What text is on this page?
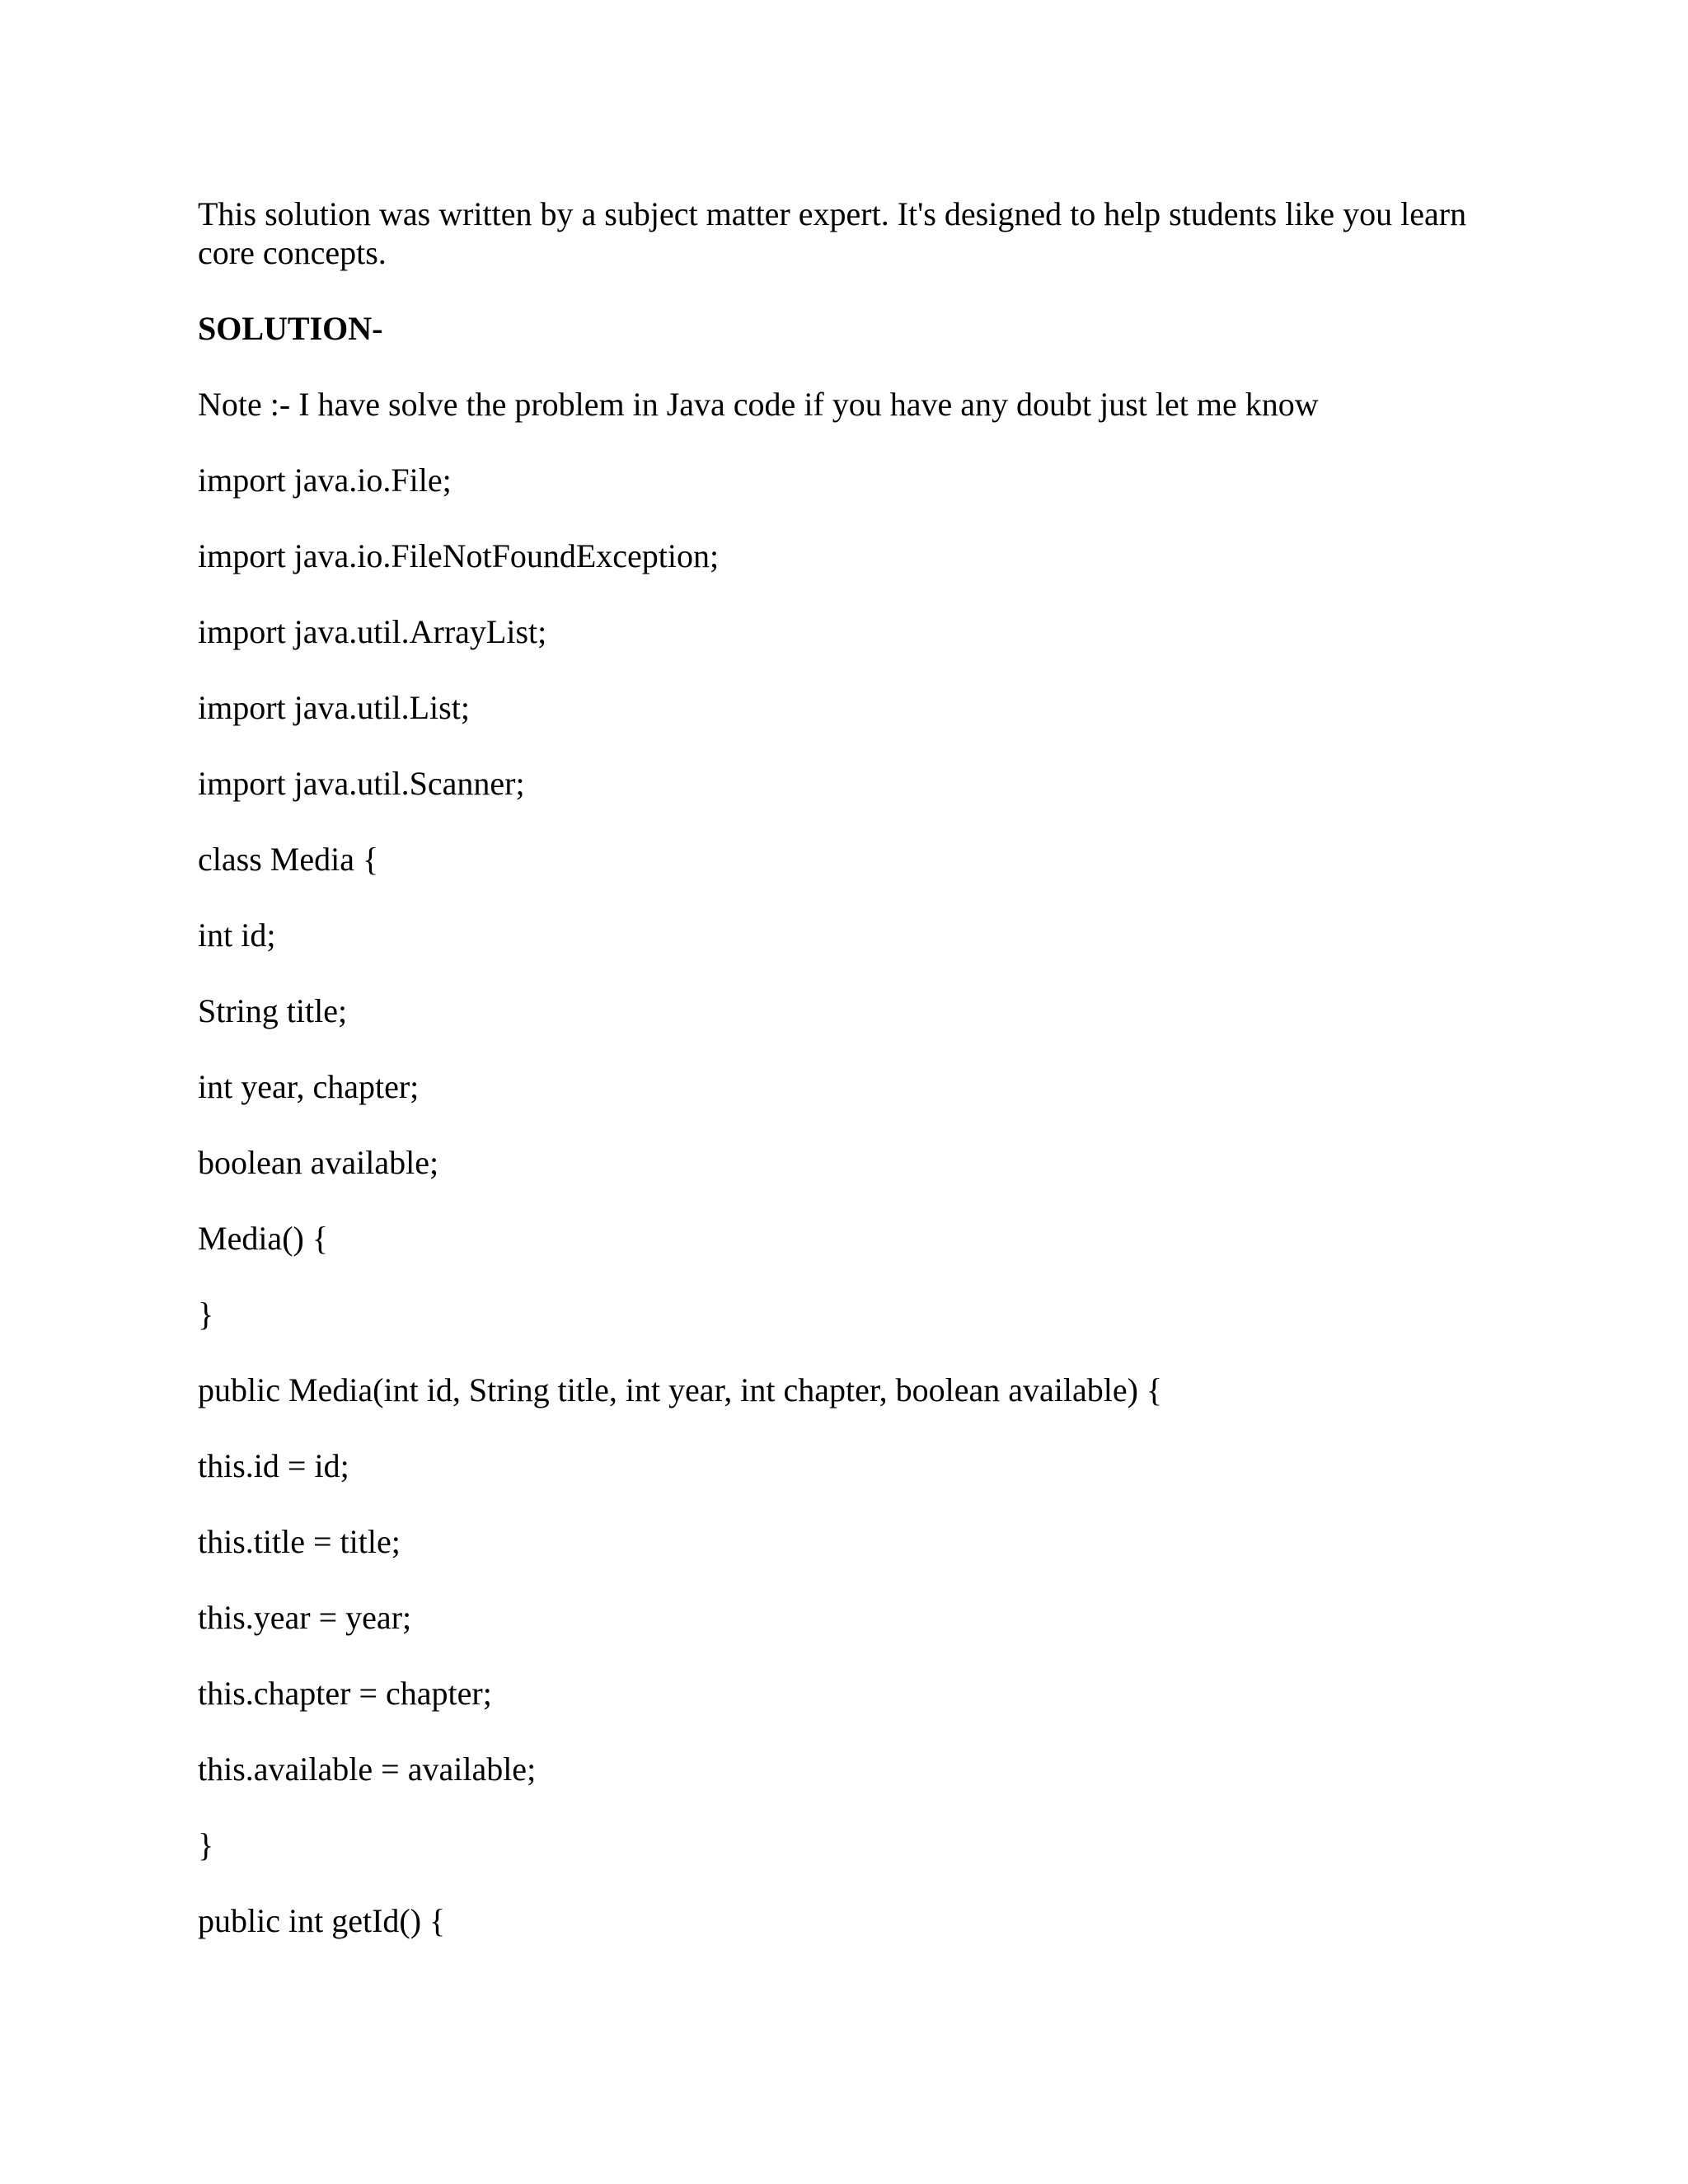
This solution was written by a subject matter expert. It's designed to help students like you learn core concepts.

SOLUTION-

Note :- I have solve the problem in Java code if you have any doubt just let me know

import java.io.File;
import java.io.FileNotFoundException;
import java.util.ArrayList;
import java.util.List;
import java.util.Scanner;
class Media {
int id;
String title;
int year, chapter;
boolean available;
Media() {
}
public Media(int id, String title, int year, int chapter, boolean available) {
this.id = id;
this.title = title;
this.year = year;
this.chapter = chapter;
this.available = available;
}
public int getId() {
